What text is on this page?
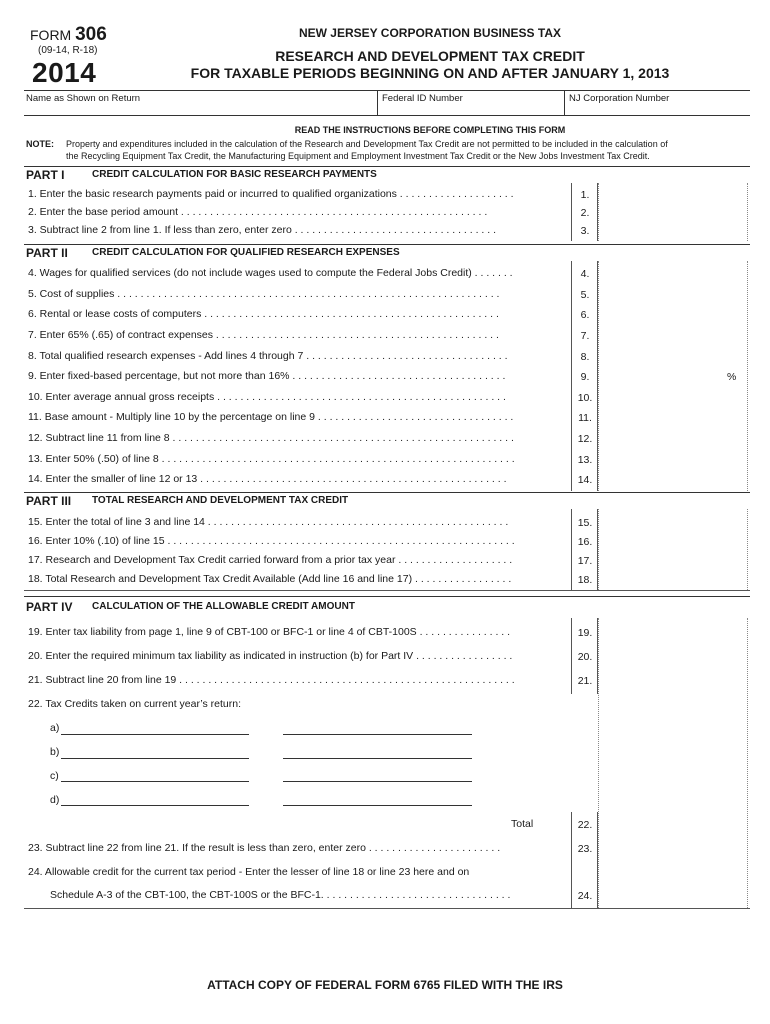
FORM 306
(09-14, R-18)
2014
NEW JERSEY CORPORATION BUSINESS TAX
RESEARCH AND DEVELOPMENT TAX CREDIT
FOR TAXABLE PERIODS BEGINNING ON AND AFTER JANUARY 1, 2013
Name as Shown on Return	Federal ID Number	NJ Corporation Number
READ THE INSTRUCTIONS BEFORE COMPLETING THIS FORM
NOTE: Property and expenditures included in the calculation of the Research and Development Tax Credit are not permitted to be included in the calculation of
the Recycling Equipment Tax Credit, the Manufacturing Equipment and Employment Investment Tax Credit or the New Jobs Investment Tax Credit.
PART I	CREDIT CALCULATION FOR BASIC RESEARCH PAYMENTS
PART II CREDIT CALCULATION FOR QUALIFIED RESEARCH EXPENSES
PART III TOTAL RESEARCH AND DEVELOPMENT TAX CREDIT
PART IV CALCULATION OF THE ALLOWABLE CREDIT AMOUNT
1. Enter the basic research payments paid or incurred to qualified organizations . . . . . . . . . . . . . . . . . . . .	1.
2. Enter the base period amount . . . . . . . . . . . . . . . . . . . . . . . . . . . . . . . . . . . . . . . . . . . . . . . . . . . . .	2.
3. Subtract line 2 from line 1. If less than zero, enter zero . . . . . . . . . . . . . . . . . . . . . . . . . . . . . . . . . . .	3.
4. Wages for qualified services (do not include wages used to compute the Federal Jobs Credit) . . . . . . .	4.
5. Cost of supplies . . . . . . . . . . . . . . . . . . . . . . . . . . . . . . . . . . . . . . . . . . . . . . . . . . . . . . . . . . . . . . . . . .	5.
6. Rental or lease costs of computers . . . . . . . . . . . . . . . . . . . . . . . . . . . . . . . . . . . . . . . . . . . . . . . . . . .	6.
7. Enter 65% (.65) of contract expenses . . . . . . . . . . . . . . . . . . . . . . . . . . . . . . . . . . . . . . . . . . . . . . . . .	7.
8. Total qualified research expenses - Add lines 4 through 7 . . . . . . . . . . . . . . . . . . . . . . . . . . . . . . . . . . .	8.
9. Enter fixed-based percentage, but not more than 16% . . . . . . . . . . . . . . . . . . . . . . . . . . . . . . . . . . . . .	9.	%
10. Enter average annual gross receipts . . . . . . . . . . . . . . . . . . . . . . . . . . . . . . . . . . . . . . . . . . . . . . . . . .	10.
11. Base amount - Multiply line 10 by the percentage on line 9 . . . . . . . . . . . . . . . . . . . . . . . . . . . . . . . . . .	11.
12. Subtract line 11 from line 8 . . . . . . . . . . . . . . . . . . . . . . . . . . . . . . . . . . . . . . . . . . . . . . . . . . . . . . . . . . .	12.
13. Enter 50% (.50) of line 8 . . . . . . . . . . . . . . . . . . . . . . . . . . . . . . . . . . . . . . . . . . . . . . . . . . . . . . . . . . . . .	13.
14. Enter the smaller of line 12 or 13 . . . . . . . . . . . . . . . . . . . . . . . . . . . . . . . . . . . . . . . . . . . . . . . . . . . . .	14.
15. Enter the total of line 3 and line 14 . . . . . . . . . . . . . . . . . . . . . . . . . . . . . . . . . . . . . . . . . . . . . . . . . . . .	15.
16. Enter 10% (.10) of line 15 . . . . . . . . . . . . . . . . . . . . . . . . . . . . . . . . . . . . . . . . . . . . . . . . . . . . . . . . . . . .	16.
17. Research and Development Tax Credit carried forward from a prior tax year . . . . . . . . . . . . . . . . . . . .	17.
18. Total Research and Development Tax Credit Available (Add line 16 and line 17) . . . . . . . . . . . . . . . . .	18.
19. Enter tax liability from page 1, line 9 of CBT-100 or BFC-1 or line 4 of CBT-100S . . . . . . . . . . . . . . . .	19.
20. Enter the required minimum tax liability as indicated in instruction (b) for Part IV . . . . . . . . . . . . . . . . .	20.
21. Subtract line 20 from line 19 . . . . . . . . . . . . . . . . . . . . . . . . . . . . . . . . . . . . . . . . . . . . . . . . . . . . . . . . . .	21.
22. Tax Credits taken on current year’s return:
a)
b)
c)
d)
Total	22.
23. Subtract line 22 from line 21. If the result is less than zero, enter zero . . . . . . . . . . . . . . . . . . . . . . .	23.
24. Allowable credit for the current tax period - Enter the lesser of line 18 or line 23 here and on
Schedule A-3 of the CBT-100, the CBT-100S or the BFC-1. . . . . . . . . . . . . . . . . . . . . . . . . . . . . . . . .	24.
ATTACH COPY OF FEDERAL FORM 6765 FILED WITH THE IRS
